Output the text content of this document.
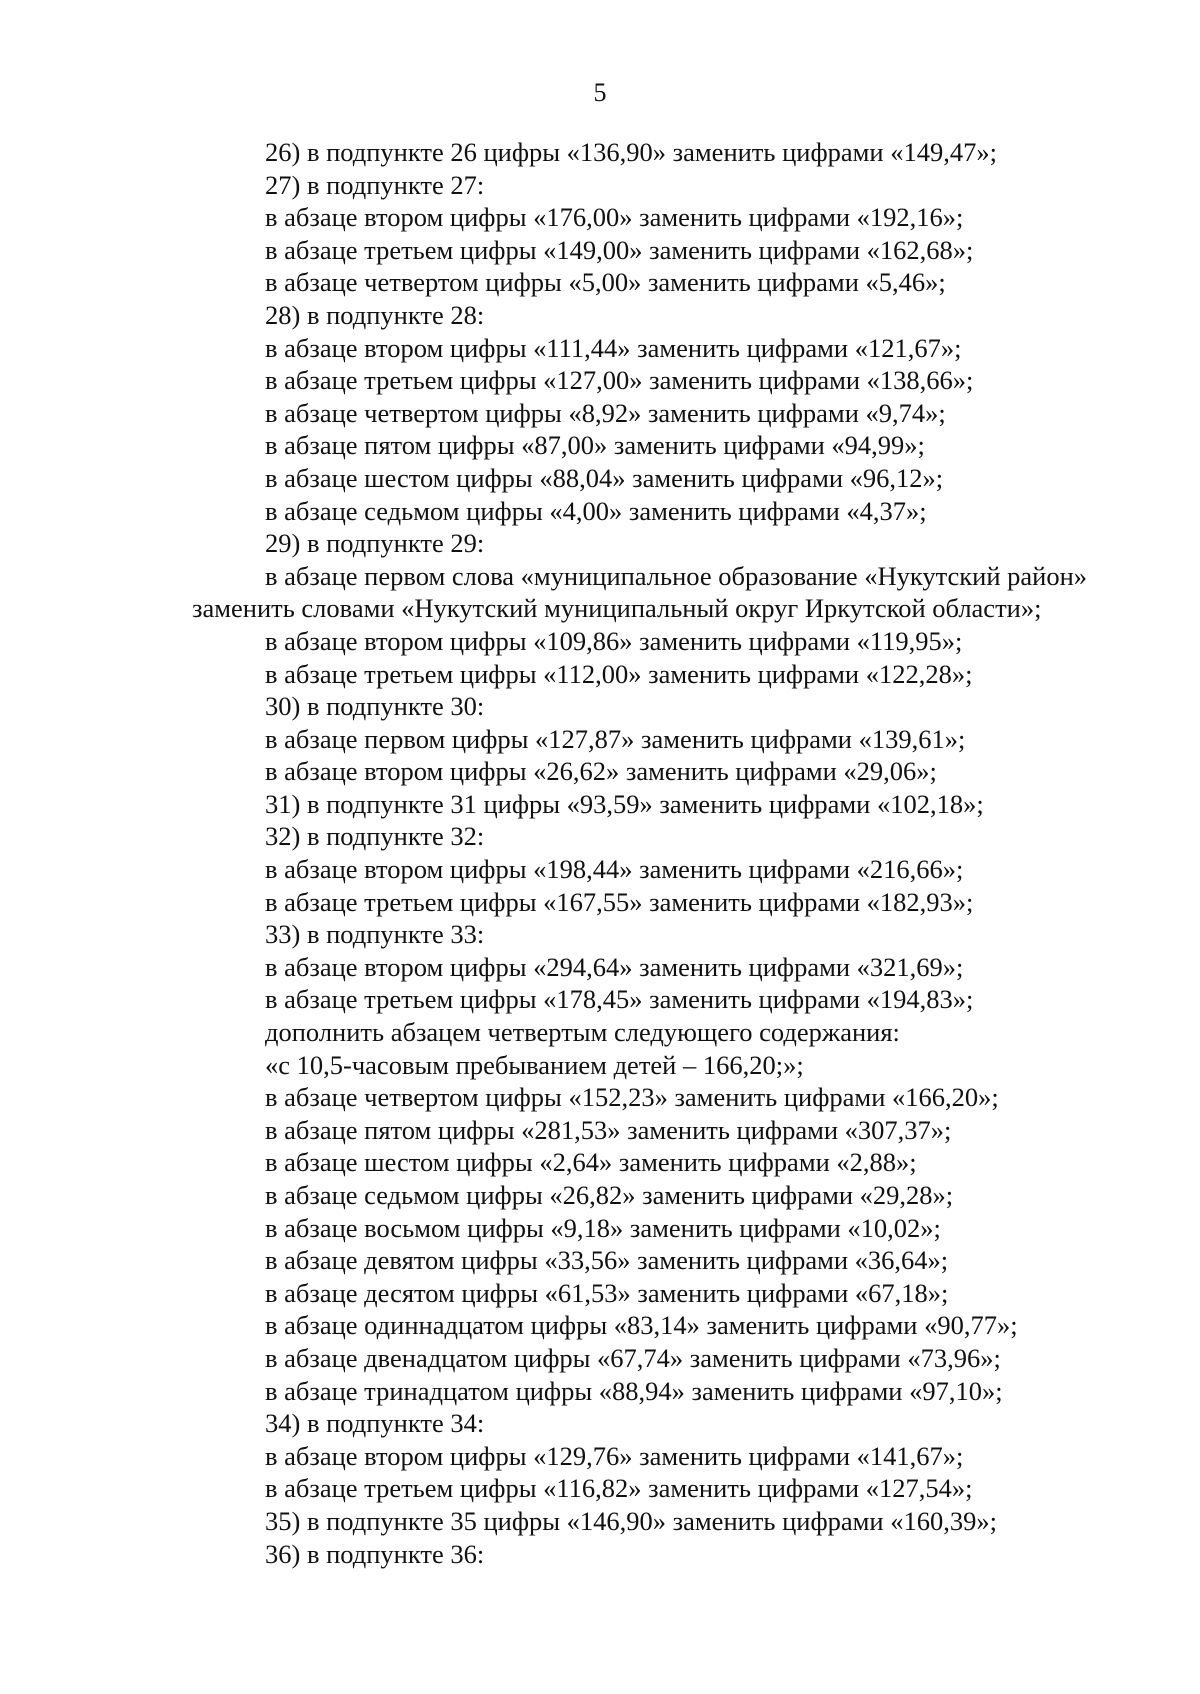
5
26) в подпункте 26 цифры «136,90» заменить цифрами «149,47»;
27) в подпункте 27:
в абзаце втором цифры «176,00» заменить цифрами «192,16»;
в абзаце третьем цифры «149,00» заменить цифрами «162,68»;
в абзаце четвертом цифры «5,00» заменить цифрами «5,46»;
28) в подпункте 28:
в абзаце втором цифры «111,44» заменить цифрами «121,67»;
в абзаце третьем цифры «127,00» заменить цифрами «138,66»;
в абзаце четвертом цифры «8,92» заменить цифрами «9,74»;
в абзаце пятом цифры «87,00» заменить цифрами «94,99»;
в абзаце шестом цифры «88,04» заменить цифрами «96,12»;
в абзаце седьмом цифры «4,00» заменить цифрами «4,37»;
29) в подпункте 29:
в абзаце первом слова «муниципальное образование «Нукутский район»
заменить словами «Нукутский муниципальный округ Иркутской области»;
в абзаце втором цифры «109,86» заменить цифрами «119,95»;
в абзаце третьем цифры «112,00» заменить цифрами «122,28»;
30) в подпункте 30:
в абзаце первом цифры «127,87» заменить цифрами «139,61»;
в абзаце втором цифры «26,62» заменить цифрами «29,06»;
31) в подпункте 31 цифры «93,59» заменить цифрами «102,18»;
32) в подпункте 32:
в абзаце втором цифры «198,44» заменить цифрами «216,66»;
в абзаце третьем цифры «167,55» заменить цифрами «182,93»;
33) в подпункте 33:
в абзаце втором цифры «294,64» заменить цифрами «321,69»;
в абзаце третьем цифры «178,45» заменить цифрами «194,83»;
дополнить абзацем четвертым следующего содержания:
«с 10,5-часовым пребыванием детей – 166,20;»;
в абзаце четвертом цифры «152,23» заменить цифрами «166,20»;
в абзаце пятом цифры «281,53» заменить цифрами «307,37»;
в абзаце шестом цифры «2,64» заменить цифрами «2,88»;
в абзаце седьмом цифры «26,82» заменить цифрами «29,28»;
в абзаце восьмом цифры «9,18» заменить цифрами «10,02»;
в абзаце девятом цифры «33,56» заменить цифрами «36,64»;
в абзаце десятом цифры «61,53» заменить цифрами «67,18»;
в абзаце одиннадцатом цифры «83,14» заменить цифрами «90,77»;
в абзаце двенадцатом цифры «67,74» заменить цифрами «73,96»;
в абзаце тринадцатом цифры «88,94» заменить цифрами «97,10»;
34) в подпункте 34:
в абзаце втором цифры «129,76» заменить цифрами «141,67»;
в абзаце третьем цифры «116,82» заменить цифрами «127,54»;
35) в подпункте 35 цифры «146,90» заменить цифрами «160,39»;
36) в подпункте 36:
